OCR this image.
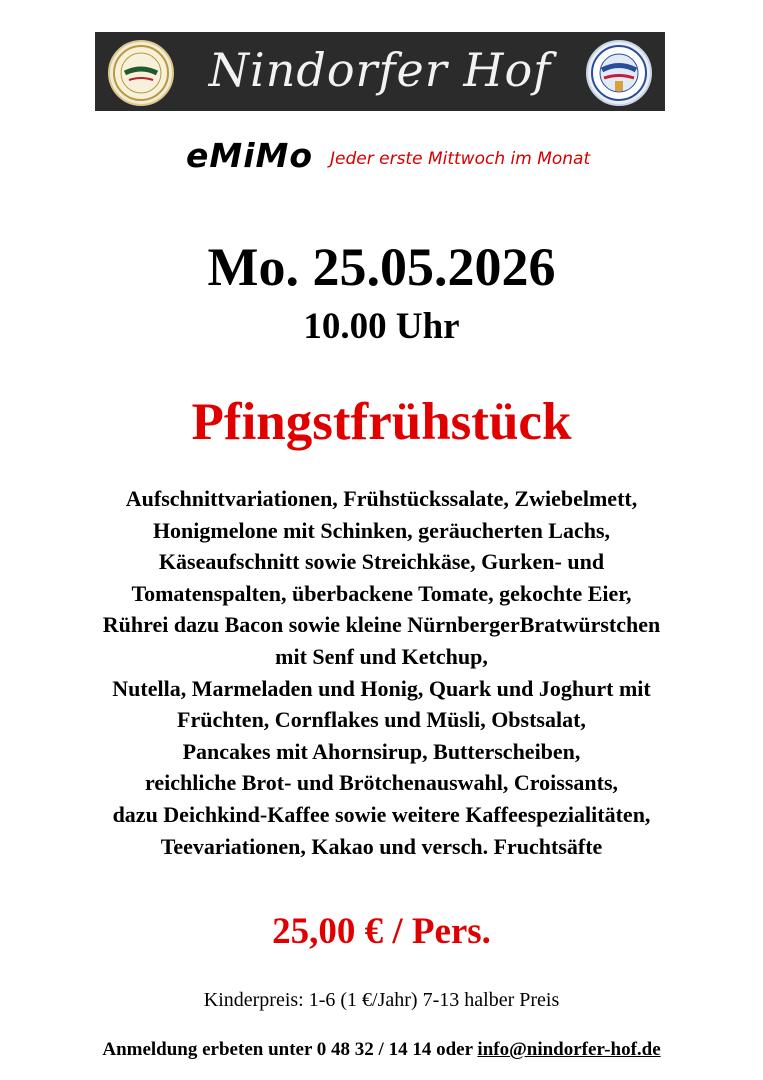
Nindorfer Hof
eMiMo Jeder erste Mittwoch im Monat
Mo. 25.05.2026
10.00 Uhr
Pfingstfrühstück
Aufschnittvariationen, Frühstückssalate, Zwiebelmett,
Honigmelone mit Schinken, geräucherten Lachs,
Käseaufschnitt sowie Streichkäse, Gurken- und
Tomatenspalten, überbackene Tomate, gekochte Eier,
Rührei dazu Bacon sowie kleine NürnbergerBratwürstchen
mit Senf und Ketchup,
Nutella, Marmeladen und Honig, Quark und Joghurt mit
Früchten, Cornflakes und Müsli, Obstsalat,
Pancakes mit Ahornsirup, Butterscheiben,
reichliche Brot- und Brötchenauswahl, Croissants,
dazu Deichkind-Kaffee sowie weitere Kaffeespezialitäten,
Teevariationen, Kakao und versch. Fruchtsäfte
25,00 € / Pers.
Kinderpreis: 1-6 (1 €/Jahr) 7-13 halber Preis
Anmeldung erbeten unter 0 48 32 / 14 14 oder info@nindorfer-hof.de
